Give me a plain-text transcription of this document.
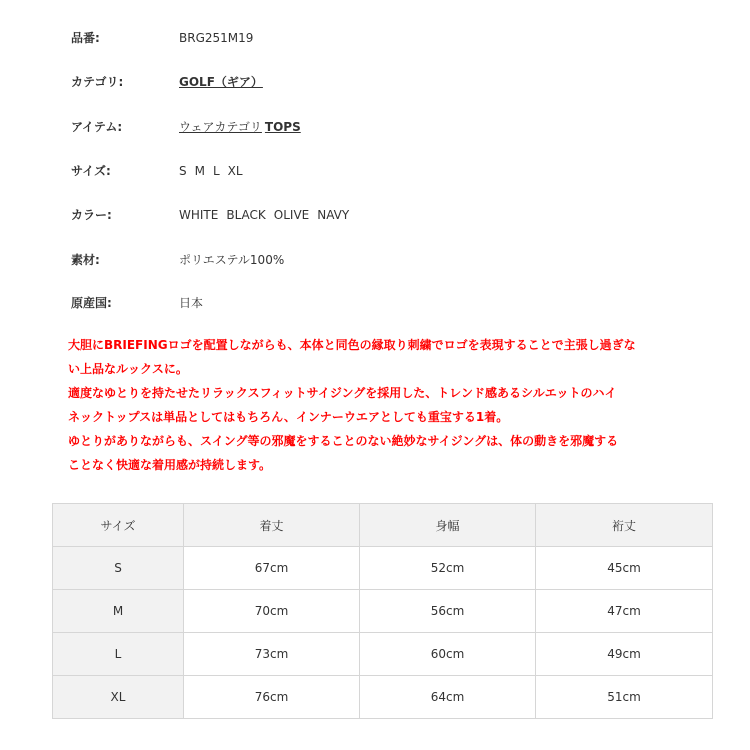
品番:	BRG251M19
カテゴリ:	GOLF（ギア）
アイテム:	ウェアカテゴリ TOPS
サイズ:	S M L XL
カラー:	WHITE BLACK OLIVE NAVY
素材:	ポリエステル100%
原産国:	日本

大胆にBRIEFINGロゴを配置しながらも、本体と同色の縁取り刺繍でロゴを表現することで主張し過ぎな

い上品なルックスに。

適度なゆとりを持たせたリラックスフィットサイジングを採用した、トレンド感あるシルエットのハイ

ネックトップスは単品としてはもちろん、インナーウエアとしても重宝する1着。

ゆとりがありながらも、スイング等の邪魔をすることのない絶妙なサイジングは、体の動きを邪魔する

ことなく快適な着用感が持続します。

サイズ	着丈	身幅	裄丈
S	67cm	52cm	45cm
M	70cm	56cm	47cm
L	73cm	60cm	49cm
XL	76cm	64cm	51cm
